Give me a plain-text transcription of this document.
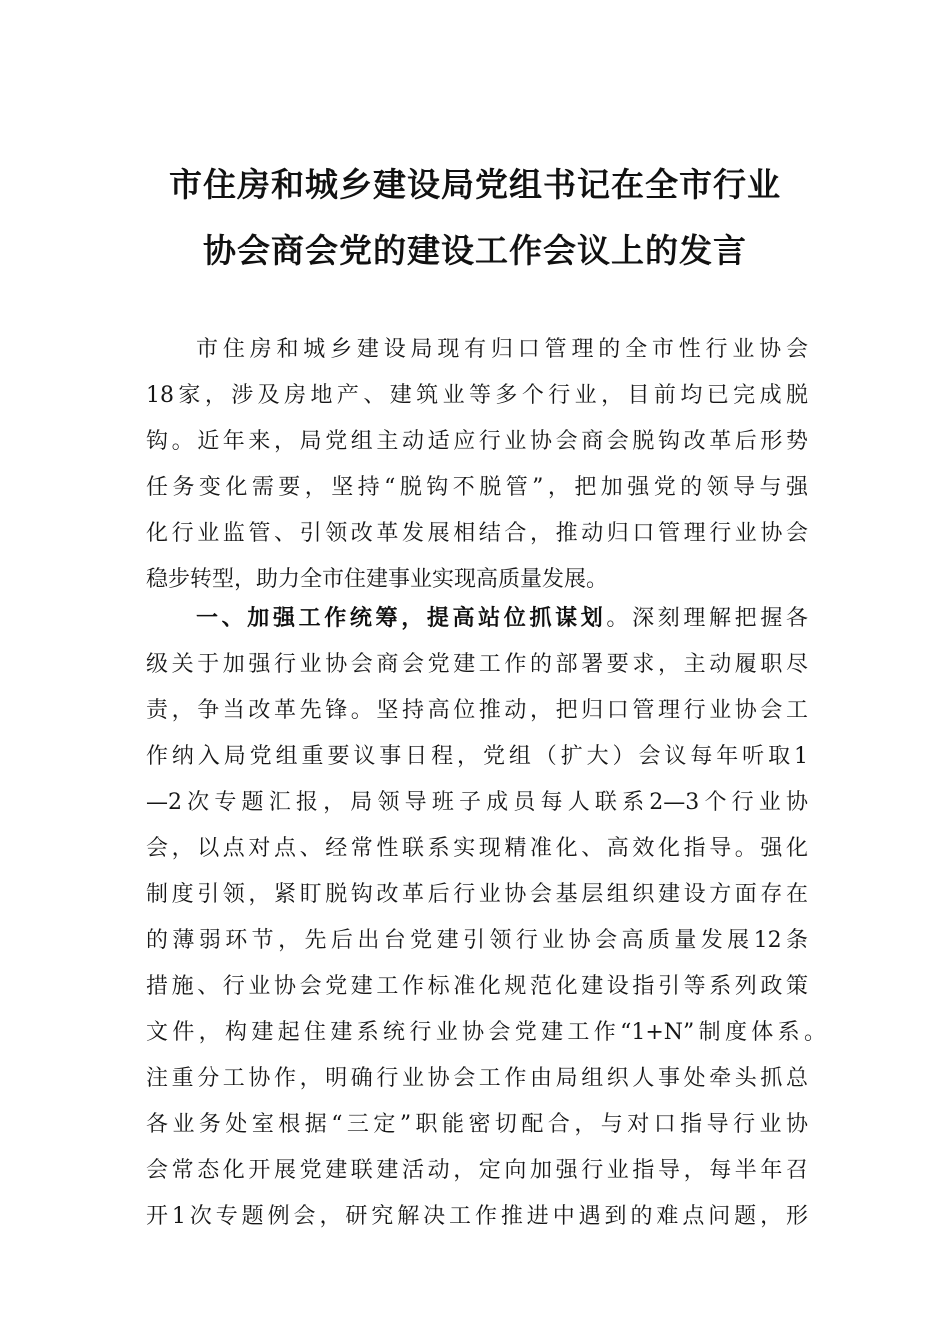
市住房和城乡建设局党组书记在全市行业
协会商会党的建设工作会议上的发言
市住房和城乡建设局现有归口管理的全市性行业协会
18家，涉及房地产、建筑业等多个行业，目前均已完成脱
钩。近年来，局党组主动适应行业协会商会脱钩改革后形势
任务变化需要，坚持“脱钩不脱管”，把加强党的领导与强
化行业监管、引领改革发展相结合，推动归口管理行业协会
稳步转型，助力全市住建事业实现高质量发展。
一、加强工作统筹，提高站位抓谋划。深刻理解把握各
级关于加强行业协会商会党建工作的部署要求，主动履职尽
责，争当改革先锋。坚持高位推动，把归口管理行业协会工
作纳入局党组重要议事日程，党组（扩大）会议每年听取1
—2次专题汇报，局领导班子成员每人联系2—3个行业协
会，以点对点、经常性联系实现精准化、高效化指导。强化
制度引领，紧盯脱钩改革后行业协会基层组织建设方面存在
的薄弱环节，先后出台党建引领行业协会高质量发展12条
措施、行业协会党建工作标准化规范化建设指引等系列政策
文件，构建起住建系统行业协会党建工作“1+N”制度体系。
注重分工协作，明确行业协会工作由局组织人事处牵头抓总
各业务处室根据“三定”职能密切配合，与对口指导行业协
会常态化开展党建联建活动，定向加强行业指导，每半年召
开1次专题例会，研究解决工作推进中遇到的难点问题，形
